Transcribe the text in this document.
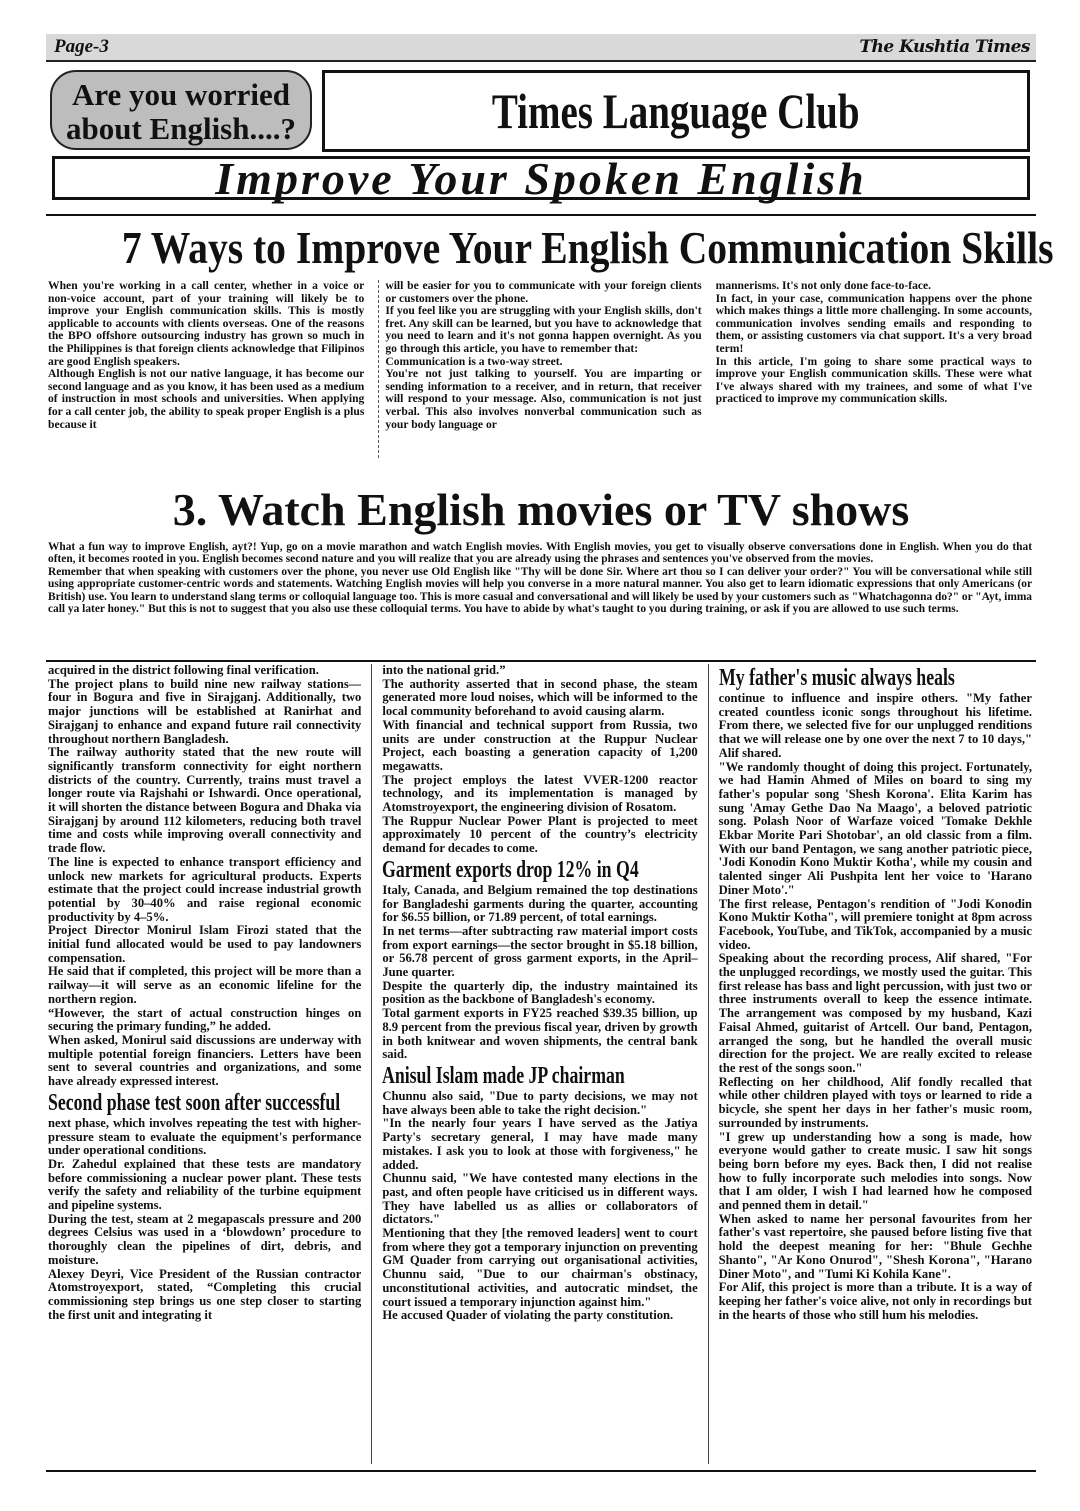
Page-3	The Kushtia Times
Are you worried
about English....?	Times Language Club
Improve Your Spoken English
7 Ways to Improve Your English Communication Skills

When you're working in a call center, whether in a voice or non-voice account, part of your training will likely be to improve your English communication skills. This is mostly applicable to accounts with clients overseas. One of the reasons the BPO offshore outsourcing industry has grown so much in the Philippines is that foreign clients acknowledge that Filipinos are good English speakers.

Although English is not our native language, it has become our second language and as you know, it has been used as a medium of instruction in most schools and universities. When applying for a call center job, the ability to speak proper English is a plus because it

will be easier for you to communicate with your foreign clients or customers over the phone.

If you feel like you are struggling with your English skills, don't fret. Any skill can be learned, but you have to acknowledge that you need to learn and it's not gonna happen overnight. As you go through this article, you have to remember that:

Communication is a two-way street.

You're not just talking to yourself. You are imparting or sending information to a receiver, and in return, that receiver will respond to your message. Also, communication is not just verbal. This also involves nonverbal communication such as your body language or

mannerisms. It's not only done face-to-face.

In fact, in your case, communication happens over the phone which makes things a little more challenging. In some accounts, communication involves sending emails and responding to them, or assisting customers via chat support. It's a very broad term!

In this article, I'm going to share some practical ways to improve your English communication skills. These were what I've always shared with my trainees, and some of what I've practiced to improve my communication skills.

3. Watch English movies or TV shows

What a fun way to improve English, ayt?! Yup, go on a movie marathon and watch English movies. With English movies, you get to visually observe conversations done in English. When you do that often, it becomes rooted in you. English becomes second nature and you will realize that you are already using the phrases and sentences you've observed from the movies.

Remember that when speaking with customers over the phone, you never use Old English like "Thy will be done Sir. Where art thou so I can deliver your order?" You will be conversational while still using appropriate customer-centric words and statements. Watching English movies will help you converse in a more natural manner. You also get to learn idiomatic expressions that only Americans (or British) use. You learn to understand slang terms or colloquial language too. This is more casual and conversational and will likely be used by your customers such as "Whatchagonna do?" or "Ayt, imma call ya later honey." But this is not to suggest that you also use these colloquial terms. You have to abide by what's taught to you during training, or ask if you are allowed to use such terms.

acquired in the district following final verification.

The project plans to build nine new railway stations—four in Bogura and five in Sirajganj. Additionally, two major junctions will be established at Ranirhat and Sirajganj to enhance and expand future rail connectivity throughout northern Bangladesh.

The railway authority stated that the new route will significantly transform connectivity for eight northern districts of the country. Currently, trains must travel a longer route via Rajshahi or Ishwardi. Once operational, it will shorten the distance between Bogura and Dhaka via Sirajganj by around 112 kilometers, reducing both travel time and costs while improving overall connectivity and trade flow.

The line is expected to enhance transport efficiency and unlock new markets for agricultural products. Experts estimate that the project could increase industrial growth potential by 30–40% and raise regional economic productivity by 4–5%.

Project Director Monirul Islam Firozi stated that the initial fund allocated would be used to pay landowners compensation.

He said that if completed, this project will be more than a railway—it will serve as an economic lifeline for the northern region.

“However, the start of actual construction hinges on securing the primary funding,” he added.

When asked, Monirul said discussions are underway with multiple potential foreign financiers. Letters have been sent to several countries and organizations, and some have already expressed interest.

Second phase test soon after successful

next phase, which involves repeating the test with higher-pressure steam to evaluate the equipment's performance under operational conditions.

Dr. Zahedul explained that these tests are mandatory before commissioning a nuclear power plant. These tests verify the safety and reliability of the turbine equipment and pipeline systems.

During the test, steam at 2 megapascals pressure and 200 degrees Celsius was used in a ‘blowdown’ procedure to thoroughly clean the pipelines of dirt, debris, and moisture.

Alexey Deyri, Vice President of the Russian contractor Atomstroyexport, stated, “Completing this crucial commissioning step brings us one step closer to starting the first unit and integrating it

into the national grid.”

The authority asserted that in second phase, the steam generated more loud noises, which will be informed to the local community beforehand to avoid causing alarm.

With financial and technical support from Russia, two units are under construction at the Ruppur Nuclear Project, each boasting a generation capacity of 1,200 megawatts.

The project employs the latest VVER-1200 reactor technology, and its implementation is managed by Atomstroyexport, the engineering division of Rosatom.

The Ruppur Nuclear Power Plant is projected to meet approximately 10 percent of the country’s electricity demand for decades to come.

Garment exports drop 12% in Q4

Italy, Canada, and Belgium remained the top destinations for Bangladeshi garments during the quarter, accounting for $6.55 billion, or 71.89 percent, of total earnings.

In net terms—after subtracting raw material import costs from export earnings—the sector brought in $5.18 billion, or 56.78 percent of gross garment exports, in the April–June quarter.

Despite the quarterly dip, the industry maintained its position as the backbone of Bangladesh's economy.

Total garment exports in FY25 reached $39.35 billion, up 8.9 percent from the previous fiscal year, driven by growth in both knitwear and woven shipments, the central bank said.

Anisul Islam made JP chairman

Chunnu also said, "Due to party decisions, we may not have always been able to take the right decision."

"In the nearly four years I have served as the Jatiya Party's secretary general, I may have made many mistakes. I ask you to look at those with forgiveness," he added.

Chunnu said, "We have contested many elections in the past, and often people have criticised us in different ways. They have labelled us as allies or collaborators of dictators."

Mentioning that they [the removed leaders] went to court from where they got a temporary injunction on preventing GM Quader from carrying out organisational activities, Chunnu said, "Due to our chairman's obstinacy, unconstitutional activities, and autocratic mindset, the court issued a temporary injunction against him."

He accused Quader of violating the party constitution.

My father's music always heals

continue to influence and inspire others. "My father created countless iconic songs throughout his lifetime. From there, we selected five for our unplugged renditions that we will release one by one over the next 7 to 10 days," Alif shared.

"We randomly thought of doing this project. Fortunately, we had Hamin Ahmed of Miles on board to sing my father's popular song 'Shesh Korona'. Elita Karim has sung 'Amay Gethe Dao Na Maago', a beloved patriotic song. Polash Noor of Warfaze voiced 'Tomake Dekhle Ekbar Morite Pari Shotobar', an old classic from a film. With our band Pentagon, we sang another patriotic piece, 'Jodi Konodin Kono Muktir Kotha', while my cousin and talented singer Ali Pushpita lent her voice to 'Harano Diner Moto'."

The first release, Pentagon's rendition of "Jodi Konodin Kono Muktir Kotha", will premiere tonight at 8pm across Facebook, YouTube, and TikTok, accompanied by a music video.

Speaking about the recording process, Alif shared, "For the unplugged recordings, we mostly used the guitar. This first release has bass and light percussion, with just two or three instruments overall to keep the essence intimate. The arrangement was composed by my husband, Kazi Faisal Ahmed, guitarist of Artcell. Our band, Pentagon, arranged the song, but he handled the overall music direction for the project. We are really excited to release the rest of the songs soon."

Reflecting on her childhood, Alif fondly recalled that while other children played with toys or learned to ride a bicycle, she spent her days in her father's music room, surrounded by instruments.

"I grew up understanding how a song is made, how everyone would gather to create music. I saw hit songs being born before my eyes. Back then, I did not realise how to fully incorporate such melodies into songs. Now that I am older, I wish I had learned how he composed and penned them in detail."

When asked to name her personal favourites from her father's vast repertoire, she paused before listing five that hold the deepest meaning for her: "Bhule Gechhe Shanto", "Ar Kono Onurod", "Shesh Korona", "Harano Diner Moto", and "Tumi Ki Kohila Kane".

For Alif, this project is more than a tribute. It is a way of keeping her father's voice alive, not only in recordings but in the hearts of those who still hum his melodies.
